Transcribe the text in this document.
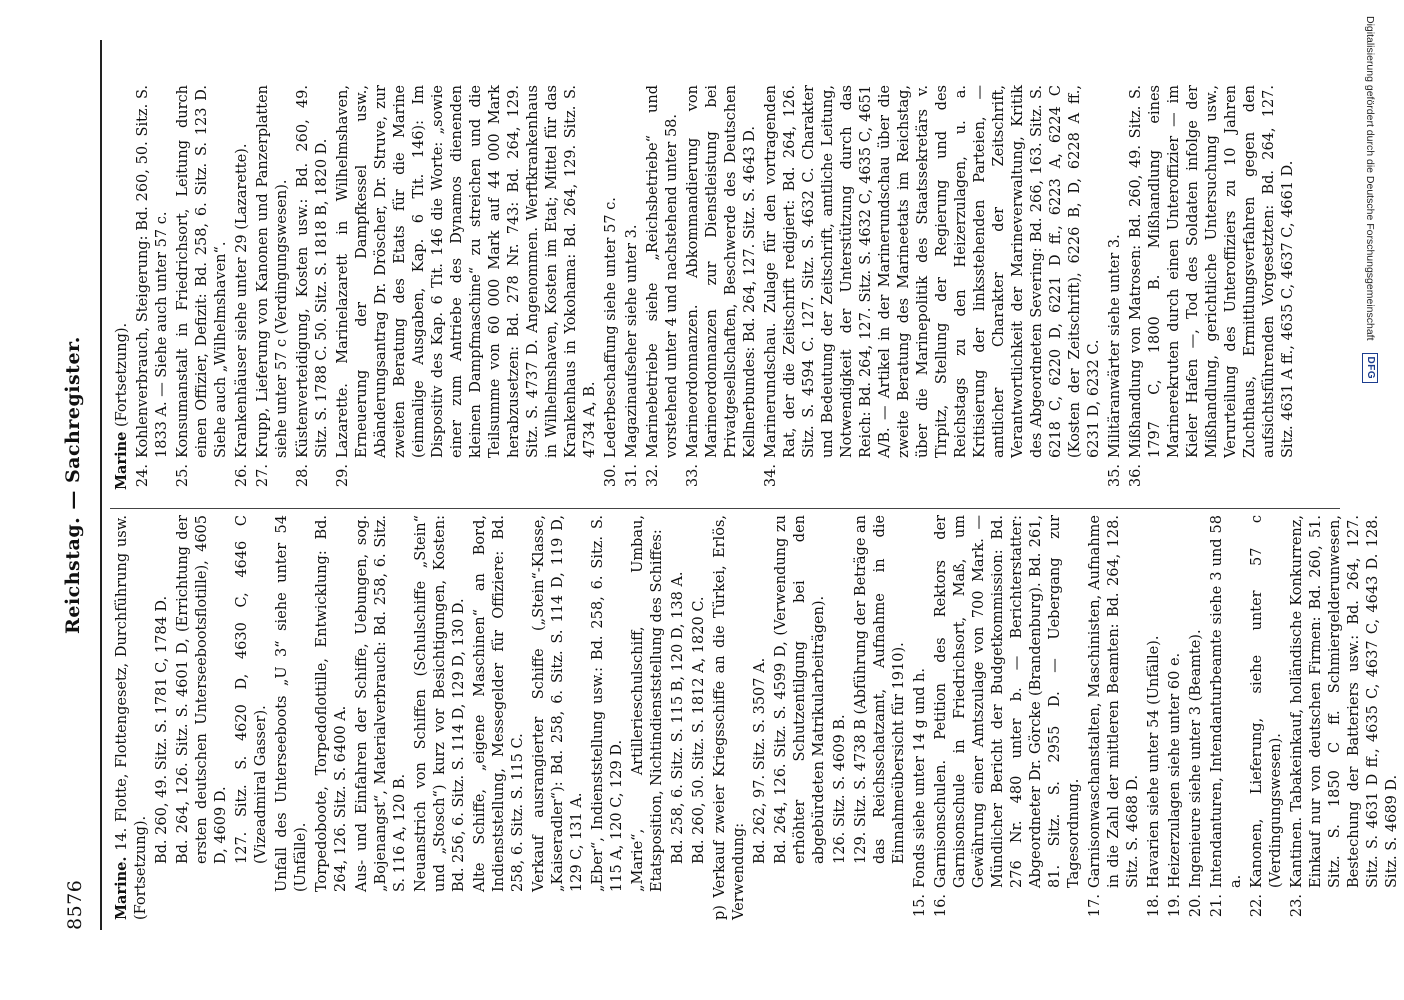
8576
Reichstag. — Sachregister.

Marine. 14. Flotte, Flottengesetz, Durchführung usw. (Fortsetzung).

Bd. 260, 49. Sitz. S. 1781 C, 1784 D. Bd. 264, 126. Sitz. S. 4601 D, (Errichtung der ersten deutschen Unterseebootsflotille), 4605 D, 4609 D. 127. Sitz. S. 4620 D, 4630 C, 4646 C (Vizeadmiral Gasser). Unfall des Unterseeboots „U 3“ siehe unter 54 (Unfälle). Torpedoboote, Torpedoflottille, Entwicklung: Bd. 264, 126. Sitz. S. 6400 A. Aus- und Einfahren der Schiffe, Uebungen, sog. „Bojenangst“, Materialverbrauch: Bd. 258, 6. Sitz. S. 116 A, 120 B. Neuanstrich von Schiffen (Schulschiffe „Stein“ und „Stosch“) kurz vor Besichtigungen, Kosten: Bd. 256, 6. Sitz. S. 114 D, 129 D, 130 D. Alte Schiffe, „eigene Maschinen“ an Bord, Indienststellung, Messegelder für Offiziere: Bd. 258, 6. Sitz. S. 115 C. Verkauf ausrangierter Schiffe („Stein“-Klasse, „Kaiseradler“): Bd. 258, 6. Sitz. S. 114 D, 119 D, 129 C, 131 A. „Eber“, Indienststellung usw.: Bd. 258, 6. Sitz. S. 115 A, 120 C, 129 D. „Marie“, Artillerieschulschiff, Umbau, Etatsposition, Nichtindienststellung des Schiffes: Bd. 258, 6. Sitz. S. 115 B, 120 D, 138 A. Bd. 260, 50. Sitz. S. 1812 A, 1820 C. p) Verkauf zweier Kriegsschiffe an die Türkei, Erlös, Verwendung:

Bd. 262, 97. Sitz. S. 3507 A. Bd. 264, 126. Sitz. S. 4599 D, (Verwendung zu erhöhter Schutzentilgung bei den abgebürdeten Matrikularbeiträgen). 126. Sitz. S. 4609 B. 129. Sitz. S. 4738 B (Abführung der Beträge an das Reichsschatzamt, Aufnahme in die Einnahmeübersicht für 1910).

15.
Fonds siehe unter 14 g und h.
16.
Garnisonschulen. Petition des Rektors der Garnisonschule in Friedrichsort, Maß, um Gewährung einer Amtszulage von 700 Mark. — Mündlicher Bericht der Budgetkommission: Bd. 276 Nr. 480 unter b. — Berichterstatter: Abgeordneter Dr. Görcke (Brandenburg). Bd. 261, 81. Sitz. S. 2955 D. — Uebergang zur Tagesordnung.
17.
Garnisonwaschanstalten, Maschinisten, Aufnahme in die Zahl der mittleren Beamten: Bd. 264, 128. Sitz. S. 4688 D.
18.
Havarien siehe unter 54 (Unfälle).
19.
Heizerzulagen siehe unter 60 e.
20.
Ingenieure siehe unter 3 (Beamte).
21.
Intendanturen, Intendanturbeamte siehe 3 und 58 a.
22.
Kanonen, Lieferung, siehe unter 57 c (Verdingungswesen).
23.
Kantinen. Tabakeinkauf, holländische Konkurrenz, Einkauf nur von deutschen Firmen: Bd. 260, 51. Sitz. S. 1850 C ff. Schmiergelderunwesen, Bestechung der Batteriers usw.: Bd. 264, 127. Sitz. S. 4631 D ff., 4635 C, 4637 C, 4643 D. 128. Sitz. S. 4689 D.

Marine (Fortsetzung).

24.
Kohlenverbrauch, Steigerung: Bd. 260, 50. Sitz. S. 1833 A. — Siehe auch unter 57 c.
25.
Konsumanstalt in Friedrichsort, Leitung durch einen Offizier, Defizit: Bd. 258, 6. Sitz. S. 123 D. Siehe auch „Wilhelmshaven“.
26.
Krankenhäuser siehe unter 29 (Lazarette).
27.
Krupp, Lieferung von Kanonen und Panzerplatten siehe unter 57 c (Verdingungswesen).
28.
Küstenverteidigung, Kosten usw.: Bd. 260, 49. Sitz. S. 1788 C. 50. Sitz. S. 1818 B, 1820 D.
29.
Lazarette. Marinelazarett in Wilhelmshaven, Erneuerung der Dampfkessel usw., Abänderungsantrag Dr. Dröscher, Dr. Struve, zur zweiten Beratung des Etats für die Marine (einmalige Ausgaben, Kap. 6 Tit. 146): Im Dispositiv des Kap. 6 Tit. 146 die Worte: „sowie einer zum Antriebe des Dynamos dienenden kleinen Dampfmaschine“ zu streichen und die Teilsumme von 60 000 Mark auf 44 000 Mark herabzusetzen: Bd. 278 Nr. 743: Bd. 264, 129. Sitz. S. 4737 D. Angenommen. Werftkrankenhaus in Wilhelmshaven, Kosten im Etat; Mittel für das Krankenhaus in Yokohama: Bd. 264, 129. Sitz. S. 4734 A, B.
30.
Lederbeschaffung siehe unter 57 c.
31.
Magazinaufseher siehe unter 3.
32.
Marinebetriebe siehe „Reichsbetriebe“ und vorstehend unter 4 und nachstehend unter 58.
33.
Marineordonnanzen. Abkommandierung von Marineordonnanzen zur Dienstleistung bei Privatgesellschaften, Beschwerde des Deutschen Kellnerbundes: Bd. 264, 127. Sitz. S. 4643 D.
34.
Marinerundschau. Zulage für den vortragenden Rat, der die Zeitschrift redigiert: Bd. 264, 126. Sitz. S. 4594 C. 127. Sitz. S. 4632 C. Charakter und Bedeutung der Zeitschrift, amtliche Leitung, Notwendigkeit der Unterstützung durch das Reich: Bd. 264, 127. Sitz. S. 4632 C, 4635 C, 4651 A/B. — Artikel in der Marinerundschau über die zweite Beratung des Marineetats im Reichstag, über die Marinepolitik des Staatssekretärs v. Tirpitz, Stellung der Regierung und des Reichstags zu den Heizerzulagen, u. a. Kritisierung der linksstehenden Parteien, — amtlicher Charakter der Zeitschrift, Verantwortlichkeit der Marineverwaltung, Kritik des Abgeordneten Severing: Bd. 266, 163. Sitz. S. 6218 C, 6220 D, 6221 D ff., 6223 A, 6224 C (Kosten der Zeitschrift), 6226 B, D, 6228 A ff., 6231 D, 6232 C.
35.
Militäranwärter siehe unter 3.
36.
Mißhandlung von Matrosen: Bd. 260, 49. Sitz. S. 1797 C, 1800 B. Mißhandlung eines Marinerekruten durch einen Unteroffizier — im Kieler Hafen —, Tod des Soldaten infolge der Mißhandlung, gerichtliche Untersuchung usw., Verurteilung des Unteroffiziers zu 10 Jahren Zuchthaus, Ermittlungsverfahren gegen den aufsichtsführenden Vorgesetzten: Bd. 264, 127. Sitz. 4631 A ff., 4635 C, 4637 C, 4661 D.	Digitalisierung gefördert durch die Deutsche Forschungsgemeinschaft
DFG
